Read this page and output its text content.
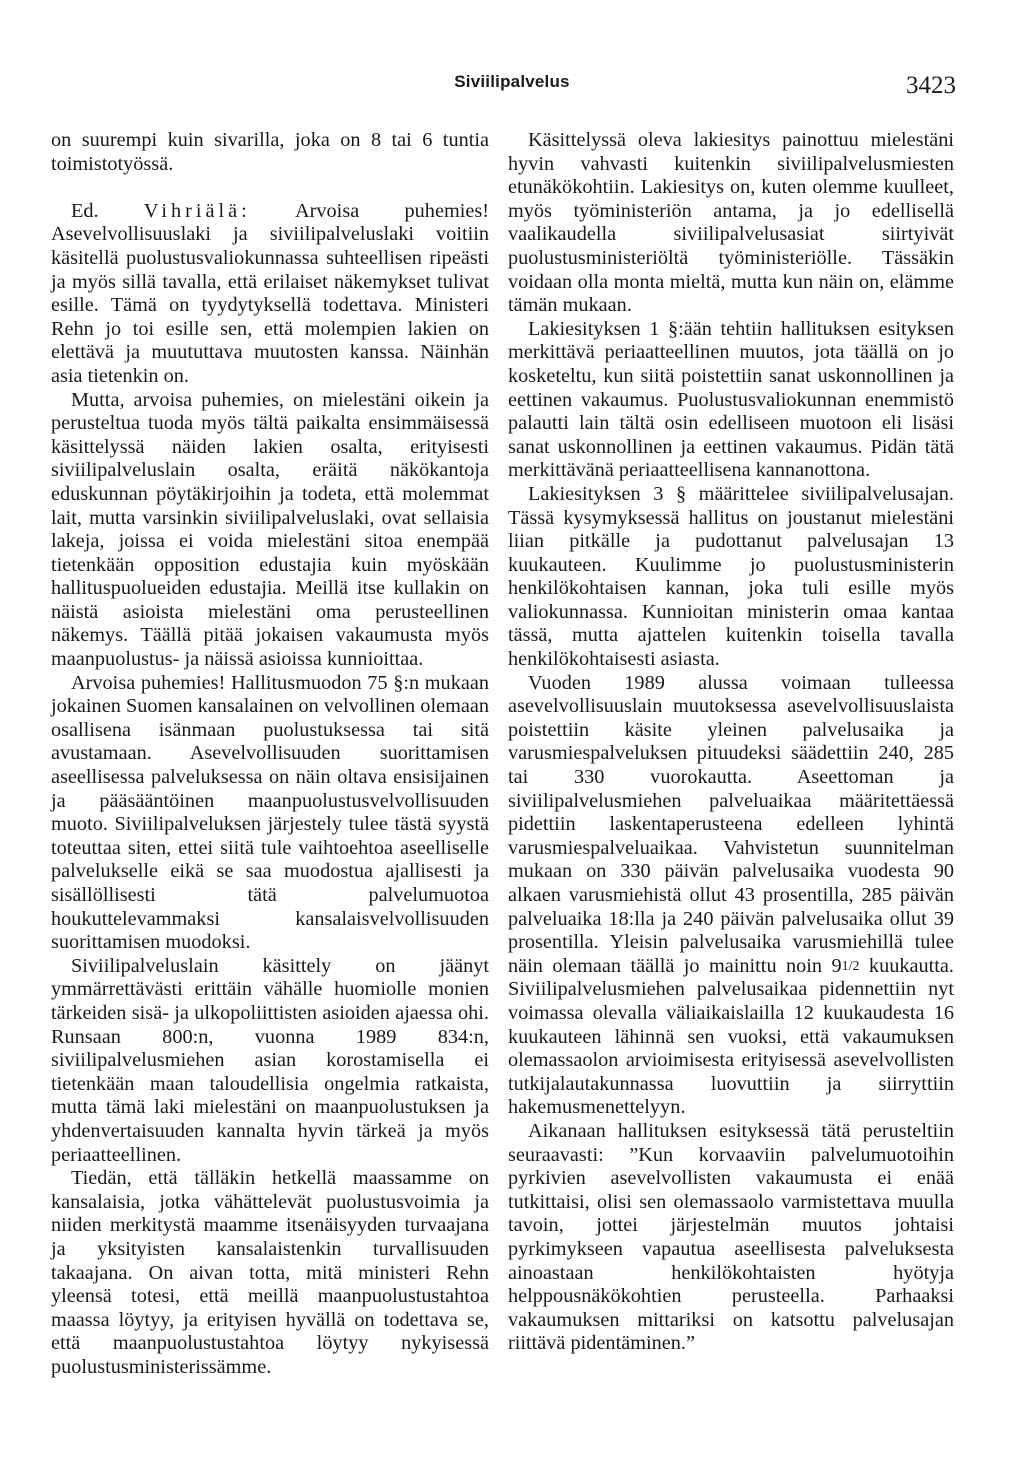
Siviilipalvelus	3423

on suurempi kuin sivarilla, joka on 8 tai 6 tuntia toimistotyössä.

Ed. Vihriälä: Arvoisa puhemies! Asevelvollisuuslaki ja siviilipalveluslaki voitiin käsitellä puolustusvaliokunnassa suhteellisen ripeästi ja myös sillä tavalla, että erilaiset näkemykset tulivat esille. Tämä on tyydytyksellä todettava. Ministeri Rehn jo toi esille sen, että molempien lakien on elettävä ja muututtava muutosten kanssa. Näinhän asia tietenkin on.

Mutta, arvoisa puhemies, on mielestäni oikein ja perusteltua tuoda myös tältä paikalta ensimmäisessä käsittelyssä näiden lakien osalta, erityisesti siviilipalveluslain osalta, eräitä näkökantoja eduskunnan pöytäkirjoihin ja todeta, että molemmat lait, mutta varsinkin siviilipalveluslaki, ovat sellaisia lakeja, joissa ei voida mielestäni sitoa enempää tietenkään opposition edustajia kuin myöskään hallituspuolueiden edustajia. Meillä itse kullakin on näistä asioista mielestäni oma perusteellinen näkemys. Täällä pitää jokaisen vakaumusta myös maanpuolustus- ja näissä asioissa kunnioittaa.

Arvoisa puhemies! Hallitusmuodon 75 §:n mukaan jokainen Suomen kansalainen on velvollinen olemaan osallisena isänmaan puolustuksessa tai sitä avustamaan. Asevelvollisuuden suorittamisen aseellisessa palveluksessa on näin oltava ensisijainen ja pääsääntöinen maanpuolustusvelvollisuuden muoto. Siviilipalveluksen järjestely tulee tästä syystä toteuttaa siten, ettei siitä tule vaihtoehtoa aseelliselle palvelukselle eikä se saa muodostua ajallisesti ja sisällöllisesti tätä palvelumuotoa houkuttelevammaksi kansalaisvelvollisuuden suorittamisen muodoksi.

Siviilipalveluslain käsittely on jäänyt ymmärrettävästi erittäin vähälle huomiolle monien tärkeiden sisä- ja ulkopoliittisten asioiden ajaessa ohi. Runsaan 800:n, vuonna 1989 834:n, siviilipalvelusmiehen asian korostamisella ei tietenkään maan taloudellisia ongelmia ratkaista, mutta tämä laki mielestäni on maanpuolustuksen ja yhdenvertaisuuden kannalta hyvin tärkeä ja myös periaatteellinen.

Tiedän, että tälläkin hetkellä maassamme on kansalaisia, jotka vähättelevät puolustusvoimia ja niiden merkitystä maamme itsenäisyyden turvaajana ja yksityisten kansalaistenkin turvallisuuden takaajana. On aivan totta, mitä ministeri Rehn yleensä totesi, että meillä maanpuolustustahtoa maassa löytyy, ja erityisen hyvällä on todettava se, että maanpuolustustahtoa löytyy nykyisessä puolustusministerissämme.

Käsittelyssä oleva lakiesitys painottuu mielestäni hyvin vahvasti kuitenkin siviilipalvelusmiesten etunäkökohtiin. Lakiesitys on, kuten olemme kuulleet, myös työministeriön antama, ja jo edellisellä vaalikaudella siviilipalvelusasiat siirtyivät puolustusministeriöltä työministeriölle. Tässäkin voidaan olla monta mieltä, mutta kun näin on, elämme tämän mukaan.

Lakiesityksen 1 §:ään tehtiin hallituksen esityksen merkittävä periaatteellinen muutos, jota täällä on jo kosketeltu, kun siitä poistettiin sanat uskonnollinen ja eettinen vakaumus. Puolustusvaliokunnan enemmistö palautti lain tältä osin edelliseen muotoon eli lisäsi sanat uskonnollinen ja eettinen vakaumus. Pidän tätä merkittävänä periaatteellisena kannanottona.

Lakiesityksen 3 § määrittelee siviilipalvelusajan. Tässä kysymyksessä hallitus on joustanut mielestäni liian pitkälle ja pudottanut palvelusajan 13 kuukauteen. Kuulimme jo puolustusministerin henkilökohtaisen kannan, joka tuli esille myös valiokunnassa. Kunnioitan ministerin omaa kantaa tässä, mutta ajattelen kuitenkin toisella tavalla henkilökohtaisesti asiasta.

Vuoden 1989 alussa voimaan tulleessa asevelvollisuuslain muutoksessa asevelvollisuuslaista poistettiin käsite yleinen palvelusaika ja varusmiespalveluksen pituudeksi säädettiin 240, 285 tai 330 vuorokautta. Aseettoman ja siviilipalvelusmiehen palveluaikaa määritettäessä pidettiin laskentaperusteena edelleen lyhintä varusmiespalveluaikaa. Vahvistetun suunnitelman mukaan on 330 päivän palvelusaika vuodesta 90 alkaen varusmiehistä ollut 43 prosentilla, 285 päivän palveluaika 18:lla ja 240 päivän palvelusaika ollut 39 prosentilla. Yleisin palvelusaika varusmiehillä tulee näin olemaan täällä jo mainittu noin 91/2 kuukautta. Siviilipalvelusmiehen palvelusaikaa pidennettiin nyt voimassa olevalla väliaikaislailla 12 kuukaudesta 16 kuukauteen lähinnä sen vuoksi, että vakaumuksen olemassaolon arvioimisesta erityisessä asevelvollisten tutkijalautakunnassa luovuttiin ja siirryttiin hakemusmenettelyyn.

Aikanaan hallituksen esityksessä tätä perusteltiin seuraavasti: ”Kun korvaaviin palvelumuotoihin pyrkivien asevelvollisten vakaumusta ei enää tutkittaisi, olisi sen olemassaolo varmistettava muulla tavoin, jottei järjestelmän muutos johtaisi pyrkimykseen vapautua aseellisesta palveluksesta ainoastaan henkilökohtaisten hyötyja helppousnäkökohtien perusteella. Parhaaksi vakaumuksen mittariksi on katsottu palvelusajan riittävä pidentäminen.”
